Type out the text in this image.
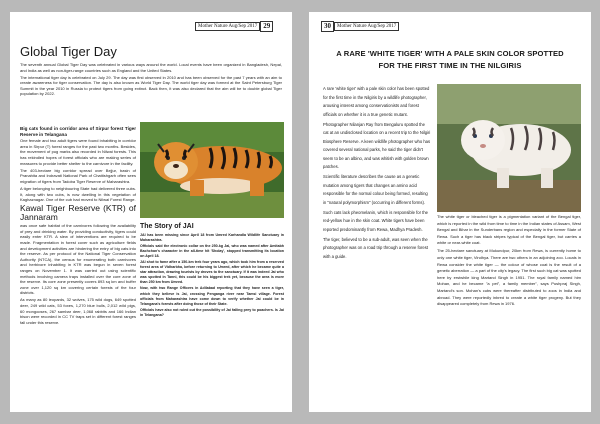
Mother Nature Aug/Sep 2017 29
Global Tiger Day

The seventh annual Global Tiger Day was celebrated in various ways around the world. Local events have been organized in Bangladesh, Nepal, and India as well as non-tiger-range countries such as England and the United States.

The international tiger day is celebrated on July 29. The day was first observed in 2010 and has been observed for the past 7 years with an aim to create awareness for tiger conservation. The day is also known as World Tiger Day. The world tiger day was formed at the Saint Petersburg Tiger Summit in the year 2010 in Russia to protect tigers from going extinct. Back then, it was also declared that the aim will be to double global Tiger population by 2022.

Big cats found in corridor area of Sirpur forest Tiger Reserve in Telangana

One female and two adult tigers were found inhabiting in corridor area in Sirpur (T) forest ranges for the past two months. Besides, the movement of pug marks also recorded in Nilwai forests. This has rekindled hopes of forest officials who are making series of measures to provide better shelter to the carnivore in the facility.

The 403-hectare big corridor spread over Bejjur, basin of Pranahita and Indravati National Park of Chattishgarh often sees migration of tigers from Tadoba Tiger Reserve of Maharashtra.

A tiger belonging to neighbouring State had delivered three cubs. It, along with two cubs, is now dwelling in this vegetation of Kaghaznagar. One of the cub had moved to Nilwai Forest Range.

Kawal Tiger Reserve (KTR) of Jannaram

was once safe habitat of the carnivores following the availability of prey and drinking water. By providing conductivity, tigers could easily enter KTR. A slew of interventions are required to be made. Fragmentation in forest cover such as agriculture fields and development activities are hindering the entry of big cats into the reserve. As per protocol of the National Tiger Conservation Authority (NTCA), the census for enumerating both carnivores and herbivore inhabiting in KTR was begun in seven forest ranges on November 1. It was carried out using scientific methods involving camera traps installed over the core zone of the reserve. Its core zone presently covers 893 sq km and buffer zone over 1,120 sq km covering certain forests of the four districts.

As many as 80 leopards, 32 wolves, 175 wild dogs, 649 spotted deer, 249 wild cats, 53 foxes, 1,270 blue bulls, 2,012 wild pigs, 60 mongooses, 267 sambar deer, 1,068 rabbits and 166 Indian bison were recorded in CC TV traps set in different forest ranges fall under this reserve.

The Story of JAI

JAI has been missing since April 18 from Umred Karhandla Wildlife Sanctuary in Maharashtra.

Officials said the electronic collar on the 250-kg Jai, who was named after Amitabh Bachchan's character in the all-time hit 'Sholay', stopped transmitting its location on April 18.

JAI shot to fame after a 150-km trek four years ago, which took him from a reserved forest area of Vidharbha, before returning to Umred, after which he became quite a star attraction, drawing tourists by droves to the sanctuary. If it was indeed Jai who was spotted in Tanni, this could be his biggest trek yet, because the area is more than 250 km from Umred.

Now, with two Range Officers in Adilabad reporting that they have seen a tiger, which they believe is Jai, crossing Penganga river near Tamsi village. Forest officials from Maharashtra have come down to verify whether Jai could be in Telangana's forests after doing those of their State.

Officials have also not ruled out the possibility of Jai falling prey to poachers. Is Jai in Telangana?

30 Mother Nature Aug/Sep 2017
A RARE 'WHITE TIGER' WITH A PALE SKIN COLOR SPOTTED FOR THE FIRST TIME IN THE NILGIRIS

A rare 'white tiger' with a pale skin color has been spotted for the first time in the Nilgiris by a wildlife photographer, arousing interest among conservationists and forest officials on whether it is a true genetic mutant.

Photographer Nilanjan Ray from Bengaluru spotted the cat at an undisclosed location on a recent trip to the Nilgiri Biosphere Reserve. A keen wildlife photographer who has covered several national parks, he said the tiger didn't seem to be an albino, and was whitish with golden brown patches.

Scientific literature describes the cause as a genetic mutation among tigers that changes an amino acid responsible for the normal colour being formed, resulting in "natural polymorphism" (occurring in different forms).

Such cats lack pheomelanin, which is responsible for the red-yellow hue in the skin coat. White tigers have been reported predominantly from Rewa, Madhya Pradesh.

The tiger, believed to be a sub-adult, was seen when the photographer was on a road trip through a reserve forest with a guide.

The white tiger or bleached tiger is a pigmentation variant of the Bengal tiger, which is reported in the wild from time to time in the Indian states of Assam, West Bengal and Bihar in the Sunderbans region and especially in the former State of Rewa. Such a tiger has black stripes typical of the Bengal tiger, but carries a white or near-white coat.

The 25-hectare sanctuary at Mukundpur, 20km from Rewa, is currently home to only one white tiger, Vindhya. There are two others in an adjoining zoo. Locals in Rewa consider the white tiger — the colour of whose coat is the result of a genetic aberration — a part of the city's legacy. The first such big cat was spotted here by erstwhile king Martand Singh in 1951. The royal family named him Mohan, and he became "a pet", a family member", says Pushpraj Singh, Martand's son. Mohan's cubs were thereafter distributed to zoos in India and abroad. They were reportedly inbred to create a white tiger progeny. But they disappeared completely from Rewa in 1976.
